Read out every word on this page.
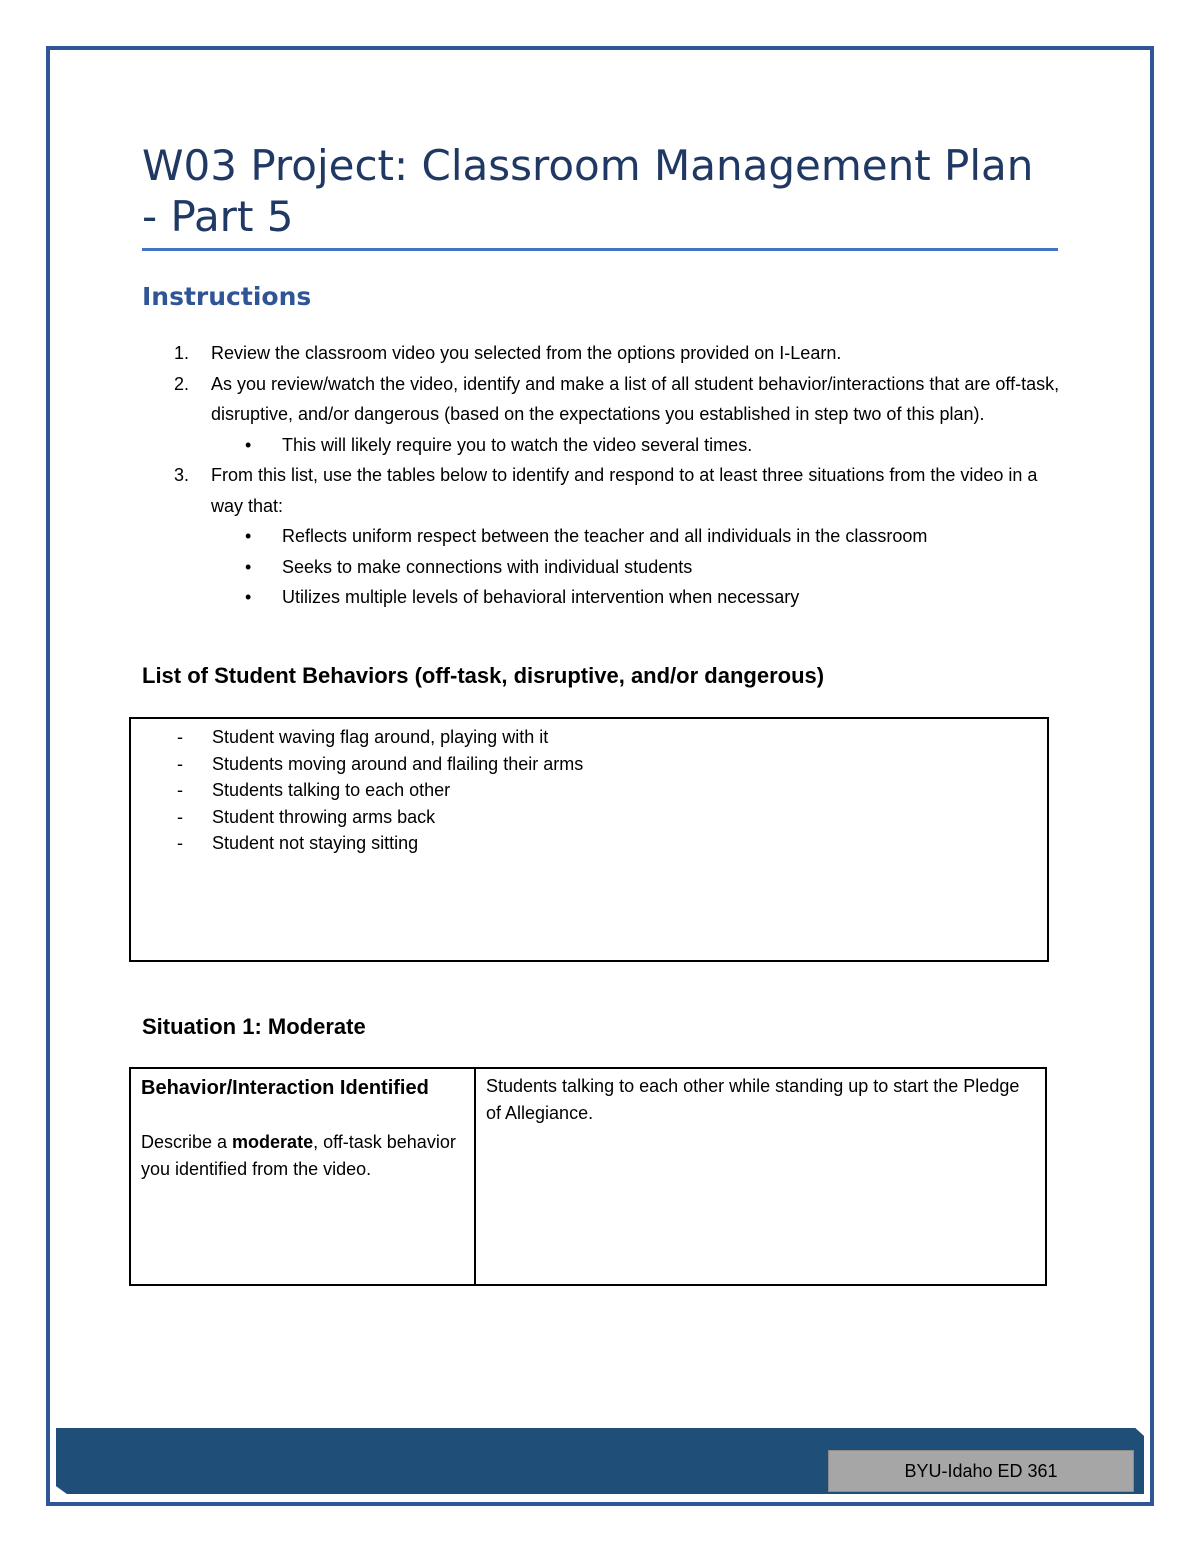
W03 Project: Classroom Management Plan - Part 5
Instructions
1. Review the classroom video you selected from the options provided on I-Learn.
2. As you review/watch the video, identify and make a list of all student behavior/interactions that are off-task, disruptive, and/or dangerous (based on the expectations you established in step two of this plan).
• This will likely require you to watch the video several times.
3. From this list, use the tables below to identify and respond to at least three situations from the video in a way that:
• Reflects uniform respect between the teacher and all individuals in the classroom
• Seeks to make connections with individual students
• Utilizes multiple levels of behavioral intervention when necessary
List of Student Behaviors (off-task, disruptive, and/or dangerous)
- Student waving flag around, playing with it
- Students moving around and flailing their arms
- Students talking to each other
- Student throwing arms back
- Student not staying sitting
Situation 1: Moderate
Behavior/Interaction Identified
Describe a moderate, off-task behavior you identified from the video.	Students talking to each other while standing up to start the Pledge of Allegiance.
BYU-Idaho ED 361
